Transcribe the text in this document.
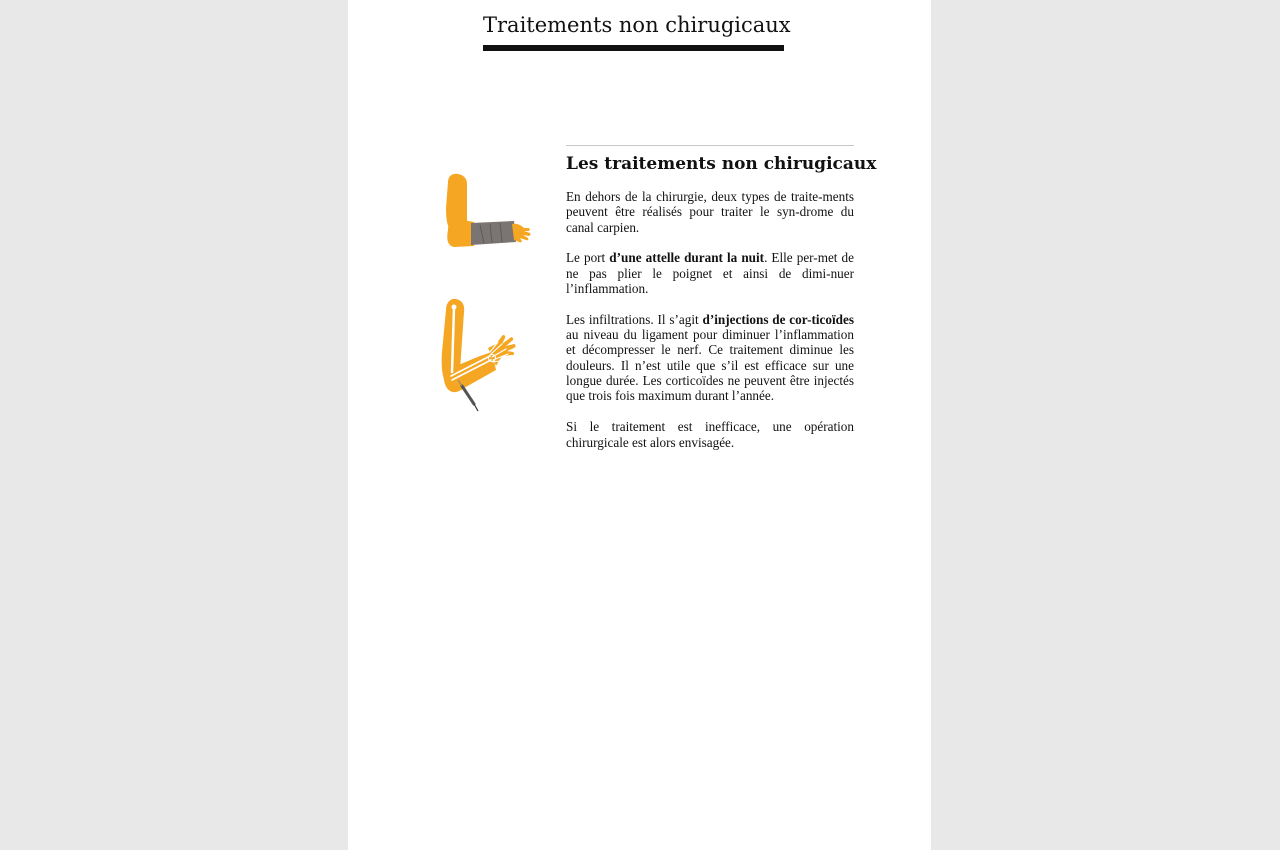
Traitements non chirugicaux
Les traitements non chirugicaux

En dehors de la chirurgie, deux types de traite-ments peuvent être réalisés pour traiter le syn-drome du canal carpien.

Le port d’une attelle durant la nuit. Elle per-met de ne pas plier le poignet et ainsi de dimi-nuer l’inflammation.

Les infiltrations. Il s’agit d’injections de cor-ticoïdes au niveau du ligament pour diminuer l’inflammation et décompresser le nerf. Ce traitement diminue les douleurs. Il n’est utile que s’il est efficace sur une longue durée. Les corticoïdes ne peuvent être injectés que trois fois maximum durant l’année.

Si le traitement est inefficace, une opération chirurgicale est alors envisagée.
